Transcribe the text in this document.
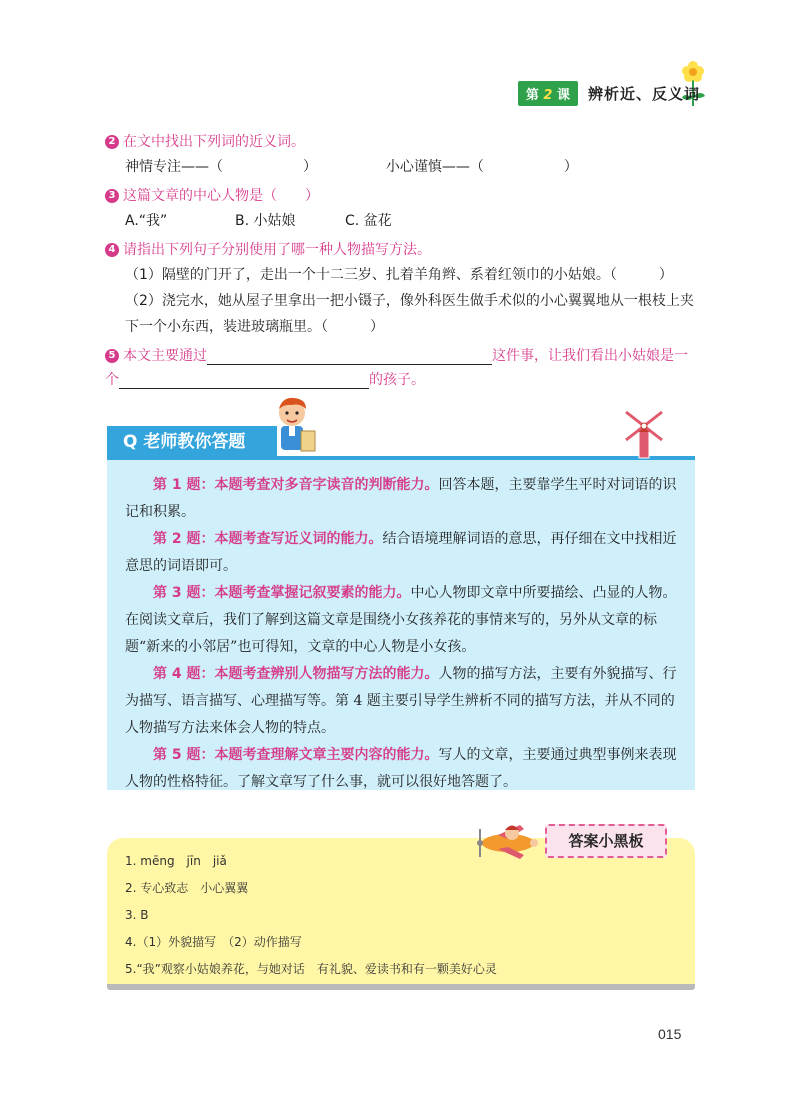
第 2 课	辨析近、反义词
2 在文中找出下列词的近义词。
神情专注——（	）	小心谨慎——（	）
3 这篇文章的中心人物是（　　）
A.“我”	B. 小姑娘	C. 盆花
4 请指出下列句子分别使用了哪一种人物描写方法。
（1）隔壁的门开了，走出一个十二三岁、扎着羊角辫、系着红领巾的小姑娘。（　　　）
（2）浇完水，她从屋子里拿出一把小镊子，像外科医生做手术似的小心翼翼地从一根枝上夹
下一个小东西，装进玻璃瓶里。（　　　）
5 本文主要通过	这件事，让我们看出小姑娘是一
个	的孩子。
Q 老师教你答题

第 1 题：本题考查对多音字读音的判断能力。回答本题，主要靠学生平时对词语的识记和积累。

第 2 题：本题考查写近义词的能力。结合语境理解词语的意思，再仔细在文中找相近意思的词语即可。

第 3 题：本题考查掌握记叙要素的能力。中心人物即文章中所要描绘、凸显的人物。在阅读文章后，我们了解到这篇文章是围绕小女孩养花的事情来写的，另外从文章的标题“新来的小邻居”也可得知，文章的中心人物是小女孩。

第 4 题：本题考查辨别人物描写方法的能力。人物的描写方法，主要有外貌描写、行为描写、语言描写、心理描写等。第 4 题主要引导学生辨析不同的描写方法，并从不同的人物描写方法来体会人物的特点。

第 5 题：本题考查理解文章主要内容的能力。写人的文章，主要通过典型事例来表现人物的性格特征。了解文章写了什么事，就可以很好地答题了。

1. mēng　jīn　jiǎ
2. 专心致志　小心翼翼
3. B
4.（1）外貌描写　（2）动作描写
5.“我”观察小姑娘养花，与她对话　有礼貌、爱读书和有一颗美好心灵
答案小黑板
015
